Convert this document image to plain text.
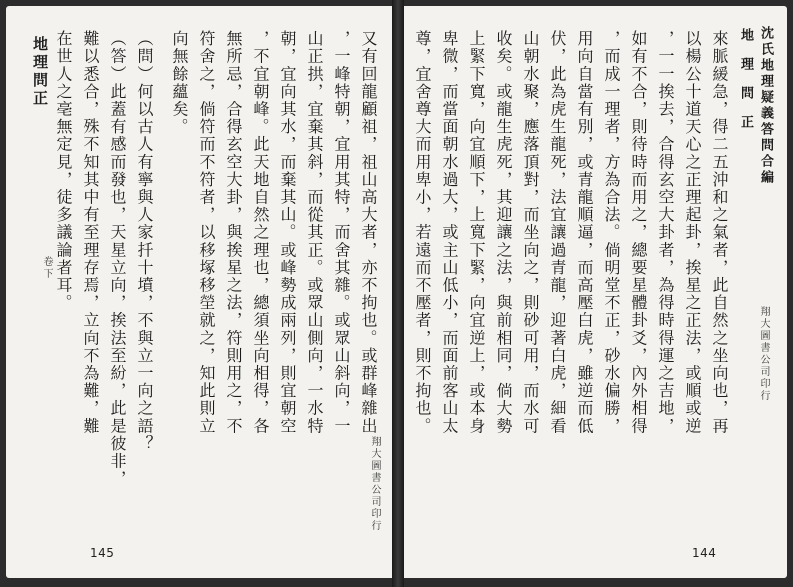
又有回龍顧祖，祖山高大者，亦不拘也。或群峰雜出
，一峰特朝，宜用其特，而舍其雜。或眾山斜向，一
山正拱，宜棄其斜，而從其正。或眾山側向，一水特
朝，宜向其水，而棄其山。或峰勢成兩列，則宜朝空
，不宜朝峰。此天地自然之理也，總須坐向相得，各
無所忌，合得玄空大卦，與挨星之法，符則用之，不
符舍之，倘符而不符者，以移塚移塋就之，知此則立
向無餘蘊矣。
（問）何以古人有寧與人家扦十墳，不與立一向之語？
（答）此蓋有感而發也，天星立向，挨法至紛，此是彼非，
難以悉合，殊不知其中有至理存焉，立向不為難，難
在世人之亳無定見，徒多議論者耳。
地理問正
卷下
翔大圖書公司印行
145
沈氏地理疑義答問合編
地理問正
來脈緩急，得二五沖和之氣者，此自然之坐向也，再
以楊公十道天心之正理起卦，挨星之正法，或順或逆
，一一挨去，合得玄空大卦者，為得時得運之吉地，
如有不合，則待時而用之，總要星體卦爻，內外相得
，而成一理者，方為合法。倘明堂不正，砂水偏勝，
用向自當有別，或青龍順逼，而高壓白虎，雖逆而低
伏，此為虎生龍死，法宜讓過青龍，迎著白虎，細看
山朝水聚，應落頂對，而坐向之，則砂可用，而水可
收矣。或龍生虎死，其迎讓之法，與前相同，倘大勢
上緊下寬，向宜順下，上寬下緊，向宜逆上，或本身
卑微，而當面朝水過大，或主山低小，而面前客山太
尊，宜舍尊大而用卑小，若遠而不壓者，則不拘也。	翔大圖書公司印行
144
